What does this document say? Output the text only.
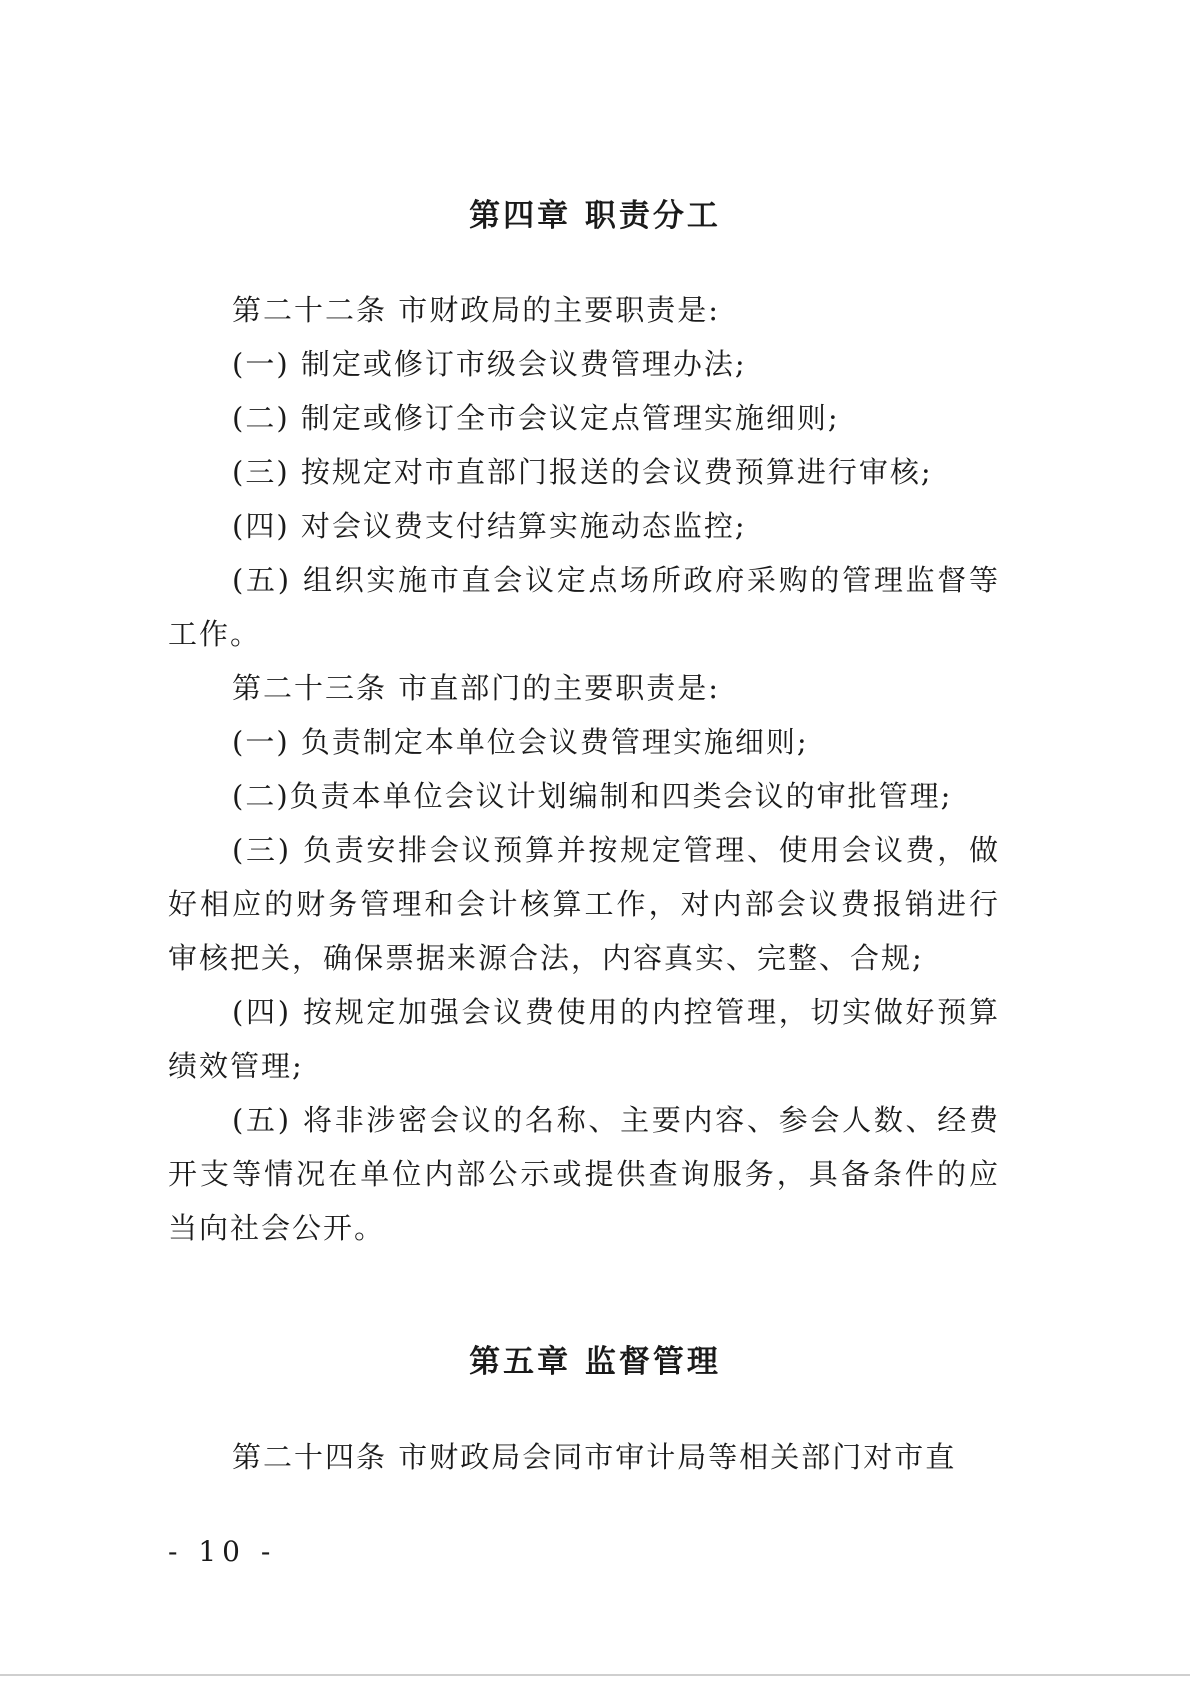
第四章 职责分工

第二十二条 市财政局的主要职责是:

(一) 制定或修订市级会议费管理办法;

(二) 制定或修订全市会议定点管理实施细则;

(三) 按规定对市直部门报送的会议费预算进行审核;

(四) 对会议费支付结算实施动态监控;

(五) 组织实施市直会议定点场所政府采购的管理监督等工作。

第二十三条 市直部门的主要职责是:

(一) 负责制定本单位会议费管理实施细则;

(二)负责本单位会议计划编制和四类会议的审批管理;

(三) 负责安排会议预算并按规定管理、使用会议费，做好相应的财务管理和会计核算工作，对内部会议费报销进行审核把关，确保票据来源合法，内容真实、完整、合规;

(四) 按规定加强会议费使用的内控管理，切实做好预算绩效管理;

(五) 将非涉密会议的名称、主要内容、参会人数、经费开支等情况在单位内部公示或提供查询服务，具备条件的应当向社会公开。

第五章 监督管理

第二十四条 市财政局会同市审计局等相关部门对市直

- 10 -
